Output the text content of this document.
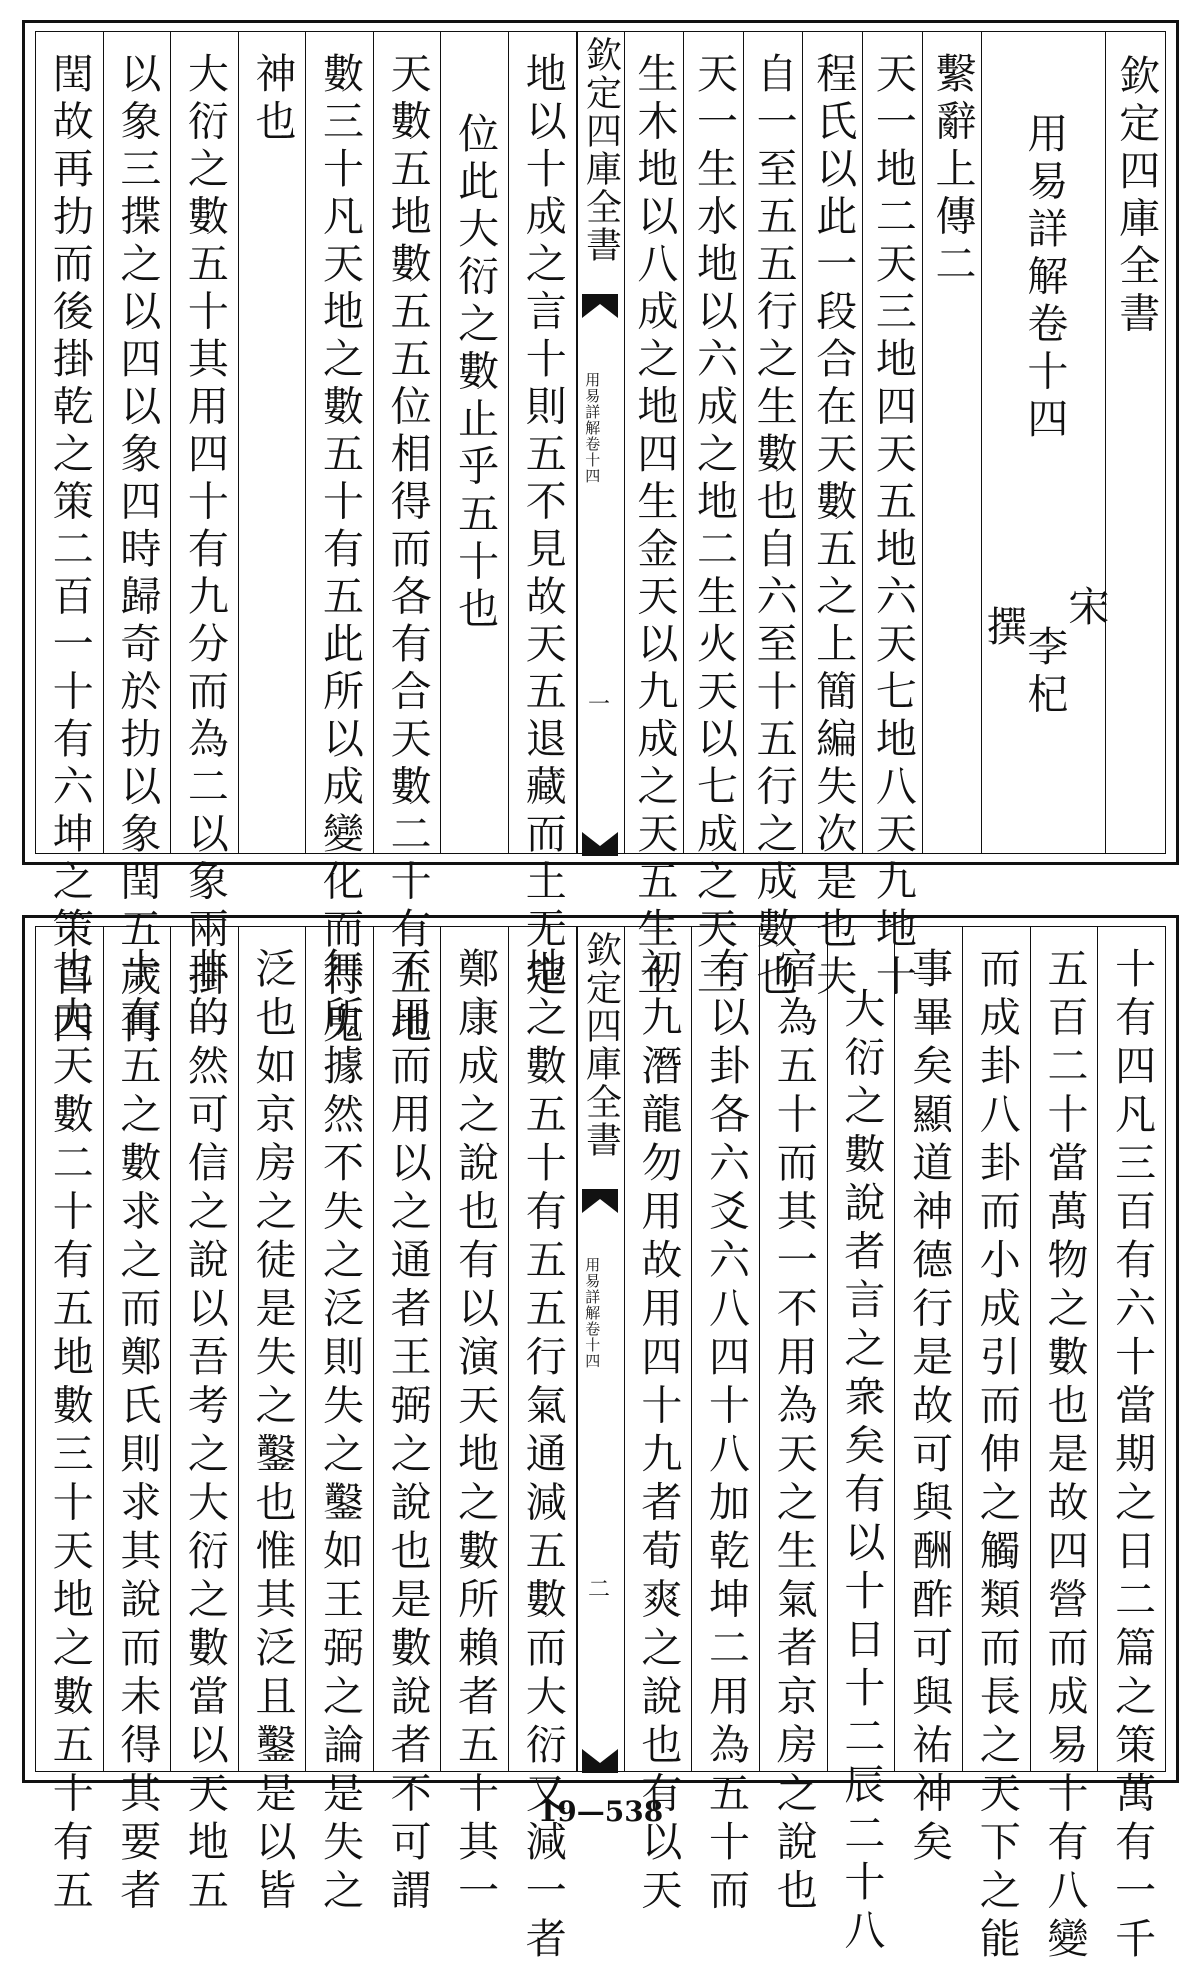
地以十成之言十則五不見故天五退藏而土无定
位此大衍之數止乎五十也
天數五地數五五位相得而各有合天數二十有五地
數三十凡天地之數五十有五此所以成變化而行鬼
神也
大衍之數五十其用四十有九分而為二以象兩掛一
以象三揲之以四以象四時歸奇於扐以象閏五歲再
閏故再扐而後掛乾之策二百一十有六坤之策百四	欽定四庫全書
用易詳解
卷十四
一
欽定四庫全書
用易詳解卷十四
宋
李杞
撰
繫辭上傳二
天一地二天三地四天五地六天七地八天九地十
程氏以此一段合在天數五之上簡編失次是也夫
自一至五五行之生數也自六至十五行之成數也
天一生水地以六成之地二生火天以七成之天三
生木地以八成之地四生金天以九成之天五生土
地之數五十有五五行氣通減五數而大衍又減一者
鄭康成之說也有以演天地之數所賴者五十其一
不用而用以之通者王弼之說也是數說者不可謂
無所據然不失之泛則失之鑿如王弼之論是失之
泛也如京房之徒是失之鑿也惟其泛且鑿是以皆
非的然可信之說以吾考之大衍之數當以天地五
十有五之數求之而鄭氏則求其說而未得其要者
也夫天數二十有五地數三十天地之數五十有五	欽定四庫全書
用易詳解
卷十四
二	十有四凡三百有六十當期之日二篇之策萬有一千
五百二十當萬物之數也是故四營而成易十有八變
而成卦八卦而小成引而伸之觸類而長之天下之能
事畢矣顯道神德行是故可與酬酢可與祐神矣
大衍之數說者言之衆矣有以十日十二辰二十八
宿為五十而其一不用為天之生氣者京房之說也
有以卦各六爻六八四十八加乾坤二用為五十而
初九潛龍勿用故用四十九者荀爽之說也有以天
19—538
